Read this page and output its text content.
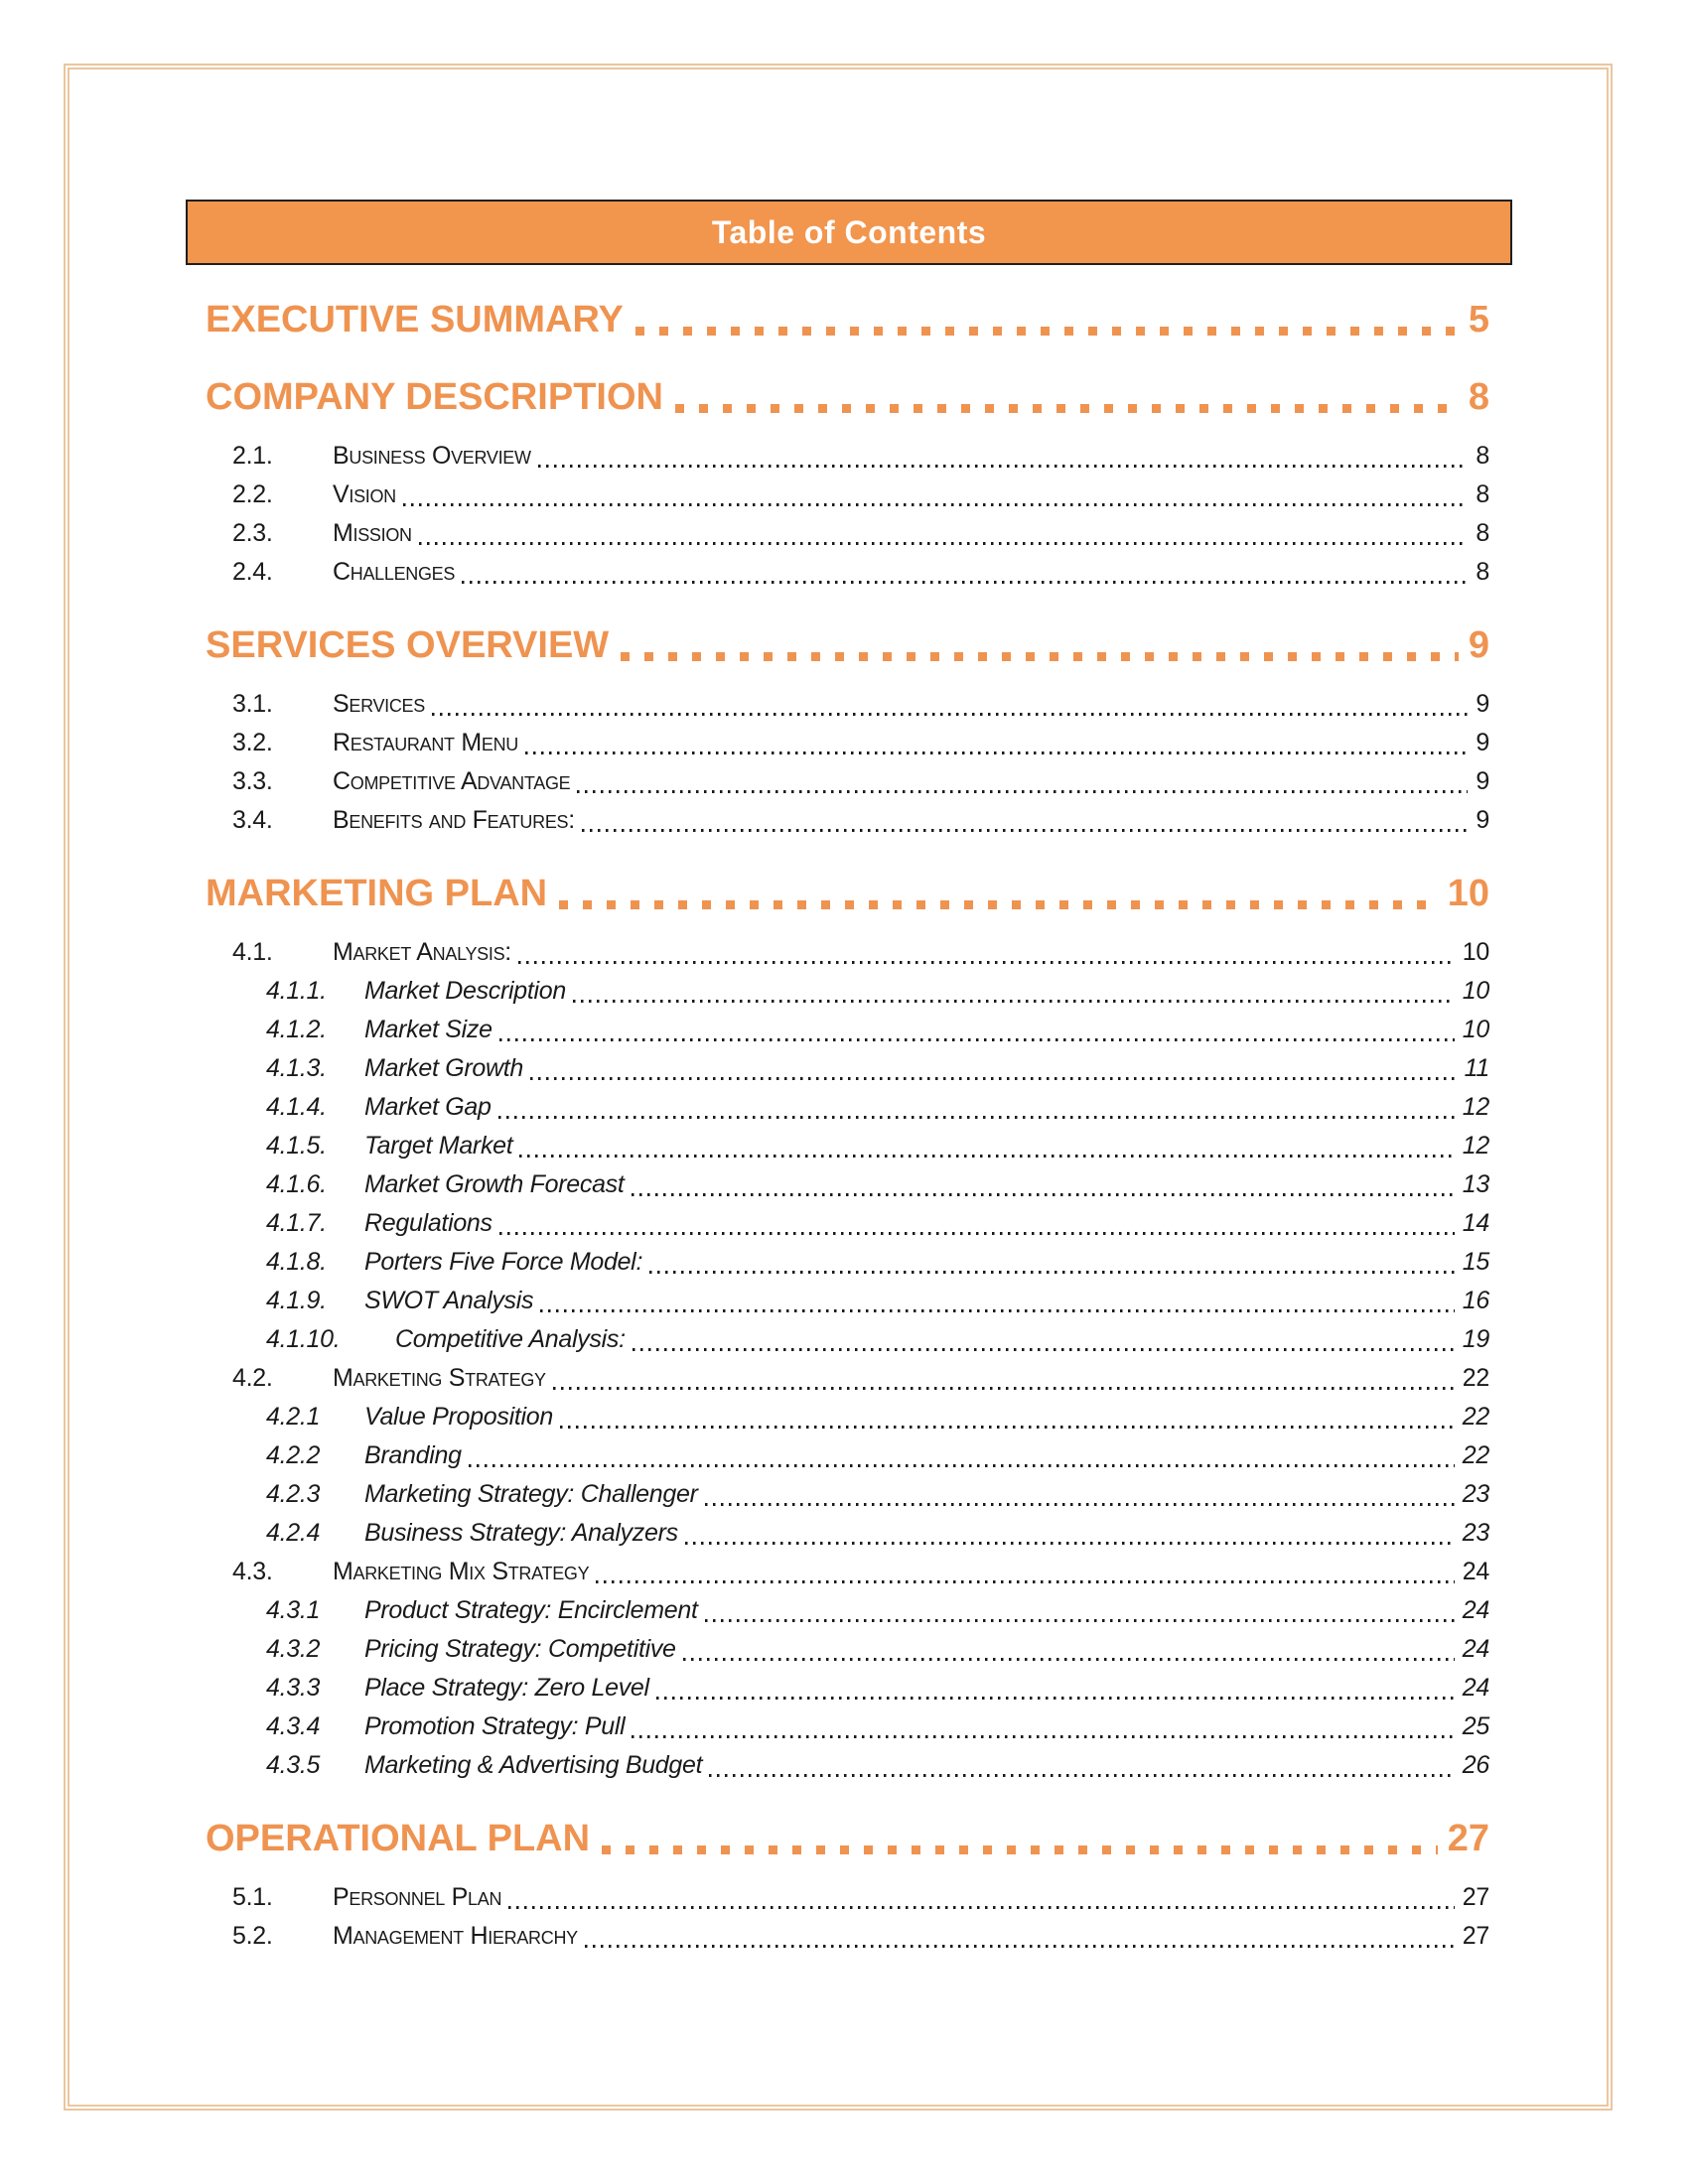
Table of Contents
EXECUTIVE SUMMARY	5
COMPANY DESCRIPTION	8
2.1.	Business Overview	8
2.2.	Vision	8
2.3.	Mission	8
2.4.	Challenges	8
SERVICES OVERVIEW	9
3.1.	Services	9
3.2.	Restaurant Menu	9
3.3.	Competitive Advantage	9
3.4.	Benefits and Features:	9
MARKETING PLAN	10
4.1.	Market Analysis:	10
4.1.1.	Market Description	10
4.1.2.	Market Size	10
4.1.3.	Market Growth	11
4.1.4.	Market Gap	12
4.1.5.	Target Market	12
4.1.6.	Market Growth Forecast	13
4.1.7.	Regulations	14
4.1.8.	Porters Five Force Model:	15
4.1.9.	SWOT Analysis	16
4.1.10.	Competitive Analysis:	19
4.2.	Marketing Strategy	22
4.2.1	Value Proposition	22
4.2.2	Branding	22
4.2.3	Marketing Strategy: Challenger	23
4.2.4	Business Strategy: Analyzers	23
4.3.	Marketing Mix Strategy	24
4.3.1	Product Strategy: Encirclement	24
4.3.2	Pricing Strategy: Competitive	24
4.3.3	Place Strategy: Zero Level	24
4.3.4	Promotion Strategy: Pull	25
4.3.5	Marketing & Advertising Budget	26
OPERATIONAL PLAN	27
5.1.	Personnel Plan	27
5.2.	Management Hierarchy	27
